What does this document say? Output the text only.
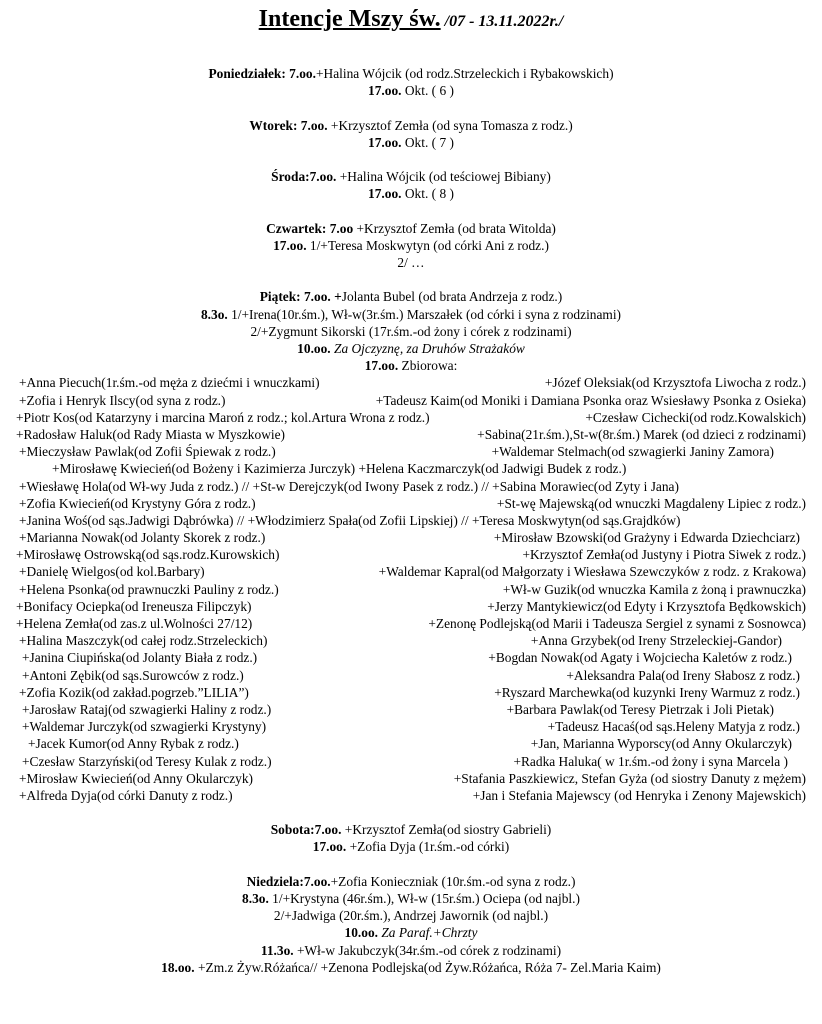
Intencje Mszy św. /07 - 13.11.2022r./

Poniedziałek: 7.oo.+Halina Wójcik (od rodz.Strzeleckich i Rybakowskich)

17.oo. Okt. ( 6 )

Wtorek: 7.oo. +Krzysztof Zemła (od syna Tomasza z rodz.)

17.oo. Okt. ( 7 )

Środa:7.oo. +Halina Wójcik (od teściowej Bibiany)

17.oo. Okt. ( 8 )

Czwartek: 7.oo +Krzysztof Zemła (od brata Witolda)

17.oo. 1/+Teresa Moskwytyn (od córki Ani z rodz.)

2/ …

Piątek: 7.oo. +Jolanta Bubel (od brata Andrzeja z rodz.)

8.3o. 1/+Irena(10r.śm.), Wł-w(3r.śm.) Marszałek (od córki i syna z rodzinami)

2/+Zygmunt Sikorski (17r.śm.-od żony i córek z rodzinami)

10.oo. Za Ojczyznę, za Druhów Strażaków

17.oo. Zbiorowa:

+Anna Piecuch(1r.śm.-od męża z dziećmi i wnuczkami)	+Józef Oleksiak(od Krzysztofa Liwocha z rodz.)
+Zofia i Henryk Ilscy(od syna z rodz.)	+Tadeusz Kaim(od Moniki i Damiana Psonka oraz Wsiesławy Psonka z Osieka)
+Piotr Kos(od Katarzyny i marcina Maroń z rodz.; kol.Artura Wrona z rodz.)	+Czesław Cichecki(od rodz.Kowalskich)
+Radosław Haluk(od Rady Miasta w Myszkowie)	+Sabina(21r.śm.),St-w(8r.śm.) Marek (od dzieci z rodzinami)
+Mieczysław Pawlak(od Zofii Śpiewak z rodz.)	+Waldemar Stelmach(od szwagierki Janiny Zamora)
+Mirosławę Kwiecień(od Bożeny i Kazimierza Jurczyk) +Helena Kaczmarczyk(od Jadwigi Budek z rodz.)
+Wiesławę Hola(od Wł-wy Juda z rodz.) // +St-w Derejczyk(od Iwony Pasek z rodz.) // +Sabina Morawiec(od Zyty i Jana)
+Zofia Kwiecień(od Krystyny Góra z rodz.)	+St-wę Majewską(od wnuczki Magdaleny Lipiec z rodz.)
+Janina Woś(od sąs.Jadwigi Dąbrówka) // +Włodzimierz Spała(od Zofii Lipskiej) // +Teresa Moskwytyn(od sąs.Grajdków)
+Marianna Nowak(od Jolanty Skorek z rodz.)	+Mirosław Bzowski(od Grażyny i Edwarda Dziechciarz)
+Mirosławę Ostrowską(od sąs.rodz.Kurowskich)	+Krzysztof Zemła(od Justyny i Piotra Siwek z rodz.)
+Danielę Wielgos(od kol.Barbary)	+Waldemar Kapral(od Małgorzaty i Wiesława Szewczyków z rodz. z Krakowa)
+Helena Psonka(od prawnuczki Pauliny z rodz.)	+Wł-w Guzik(od wnuczka Kamila z żoną i prawnuczka)
+Bonifacy Ociepka(od Ireneusza Filipczyk)	+Jerzy Mantykiewicz(od Edyty i Krzysztofa Będkowskich)
+Helena Zemła(od zas.z ul.Wolności 27/12)	+Zenonę Podlejską(od Marii i Tadeusza Sergiel z synami z Sosnowca)
+Halina Maszczyk(od całej rodz.Strzeleckich)	+Anna Grzybek(od Ireny Strzeleckiej-Gandor)
+Janina Ciupińska(od Jolanty Biała z rodz.)	+Bogdan Nowak(od Agaty i Wojciecha Kaletów z rodz.)
+Antoni Zębik(od sąs.Surowców z rodz.)	+Aleksandra Pala(od Ireny Słabosz z rodz.)
+Zofia Kozik(od zakład.pogrzeb.”LILIA”)	+Ryszard Marchewka(od kuzynki Ireny Warmuz z rodz.)
+Jarosław Rataj(od szwagierki Haliny z rodz.)	+Barbara Pawlak(od Teresy Pietrzak i Joli Pietak)
+Waldemar Jurczyk(od szwagierki Krystyny)	+Tadeusz Hacaś(od sąs.Heleny Matyja z rodz.)
+Jacek Kumor(od Anny Rybak z rodz.)	+Jan, Marianna Wyporscy(od Anny Okularczyk)
+Czesław Starzyński(od Teresy Kulak z rodz.)	+Radka Haluka( w 1r.śm.-od żony i syna Marcela )
+Mirosław Kwiecień(od Anny Okularczyk)	+Stafania Paszkiewicz, Stefan Gyża (od siostry Danuty z mężem)
+Alfreda Dyja(od córki Danuty z rodz.)	+Jan i Stefania Majewscy (od Henryka i Zenony Majewskich)

Sobota:7.oo. +Krzysztof Zemła(od siostry Gabrieli)

17.oo. +Zofia Dyja (1r.śm.-od córki)

Niedziela:7.oo.+Zofia Konieczniak (10r.śm.-od syna z rodz.)

8.3o. 1/+Krystyna (46r.śm.), Wł-w (15r.śm.) Ociepa (od najbl.)

2/+Jadwiga (20r.śm.), Andrzej Jawornik (od najbl.)

10.oo. Za Paraf.+Chrzty

11.3o. +Wł-w Jakubczyk(34r.śm.-od córek z rodzinami)

18.oo. +Zm.z Żyw.Różańca// +Zenona Podlejska(od Żyw.Różańca, Róża 7- Zel.Maria Kaim)
